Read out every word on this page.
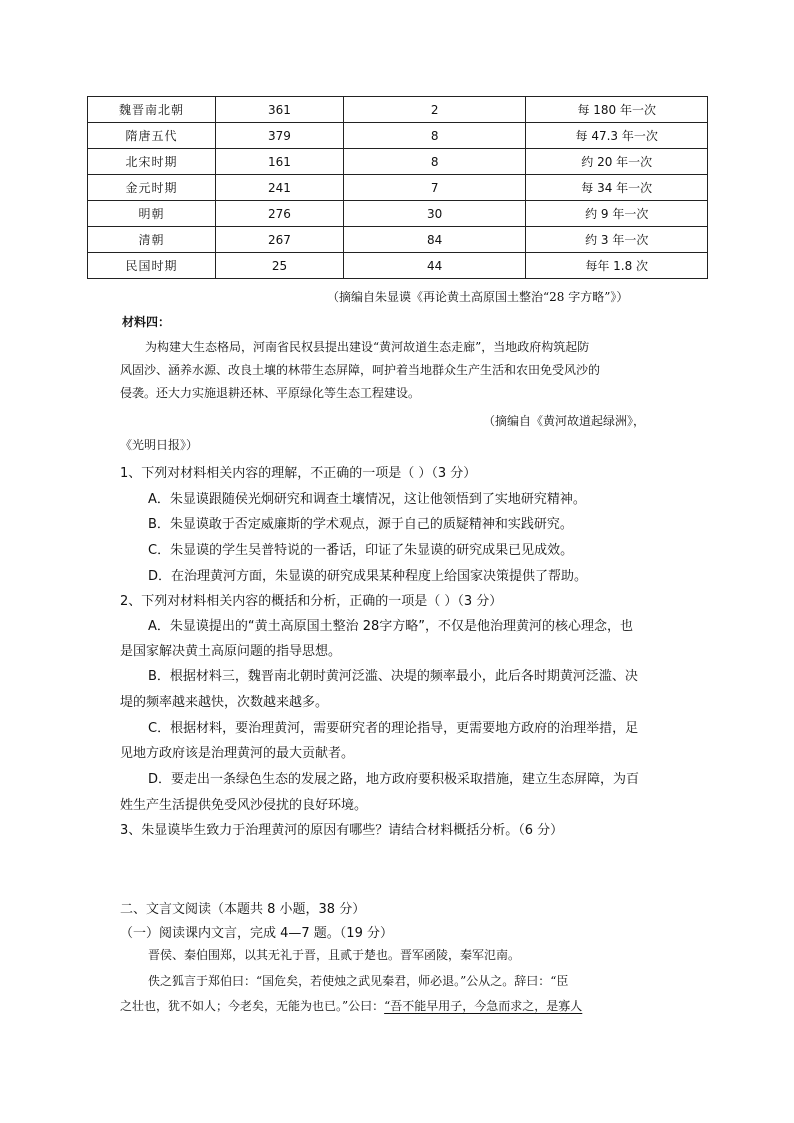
魏晋南北朝	361	2	每 180 年一次
隋唐五代	379	8	每 47.3 年一次
北宋时期	161	8	约 20 年一次
金元时期	241	7	每 34 年一次
明朝	276	30	约 9 年一次
清朝	267	84	约 3 年一次
民国时期	25	44	每年 1.8 次
（摘编自朱显谟《再论黄土高原国土整治“28 字方略”》）
材料四：
为构建大生态格局，河南省民权县提出建设“黄河故道生态走廊”，当地政府构筑起防
风固沙、涵养水源、改良土壤的林带生态屏障，呵护着当地群众生产生活和农田免受风沙的
侵袭。还大力实施退耕还林、平原绿化等生态工程建设。
（摘编自《黄河故道起绿洲》，
《光明日报》）
1、下列对材料相关内容的理解，不正确的一项是（ ）（3 分）
A．朱显谟跟随侯光炯研究和调查土壤情况，这让他领悟到了实地研究精神。
B．朱显谟敢于否定威廉斯的学术观点，源于自己的质疑精神和实践研究。
C．朱显谟的学生吴普特说的一番话，印证了朱显谟的研究成果已见成效。
D．在治理黄河方面，朱显谟的研究成果某种程度上给国家决策提供了帮助。
2、下列对材料相关内容的概括和分析，正确的一项是（ ）（3 分）
A．朱显谟提出的“黄土高原国土整治 28字方略”，不仅是他治理黄河的核心理念，也
是国家解决黄土高原问题的指导思想。
B．根据材料三，魏晋南北朝时黄河泛滥、决堤的频率最小，此后各时期黄河泛滥、决
堤的频率越来越快，次数越来越多。
C．根据材料，要治理黄河，需要研究者的理论指导，更需要地方政府的治理举措，足
见地方政府该是治理黄河的最大贡献者。
D．要走出一条绿色生态的发展之路，地方政府要积极采取措施，建立生态屏障，为百
姓生产生活提供免受风沙侵扰的良好环境。
3、朱显谟毕生致力于治理黄河的原因有哪些？请结合材料概括分析。（6 分）
二、文言文阅读（本题共 8 小题，38 分）
（一）阅读课内文言，完成 4—7 题。（19 分）
晋侯、秦伯围郑，以其无礼于晋，且贰于楚也。晋军函陵，秦军氾南。
佚之狐言于郑伯曰：“国危矣，若使烛之武见秦君，师必退。”公从之。辞曰：“臣
之壮也，犹不如人；今老矣，无能为也已。”公曰：“吾不能早用子，今急而求之，是寡人
